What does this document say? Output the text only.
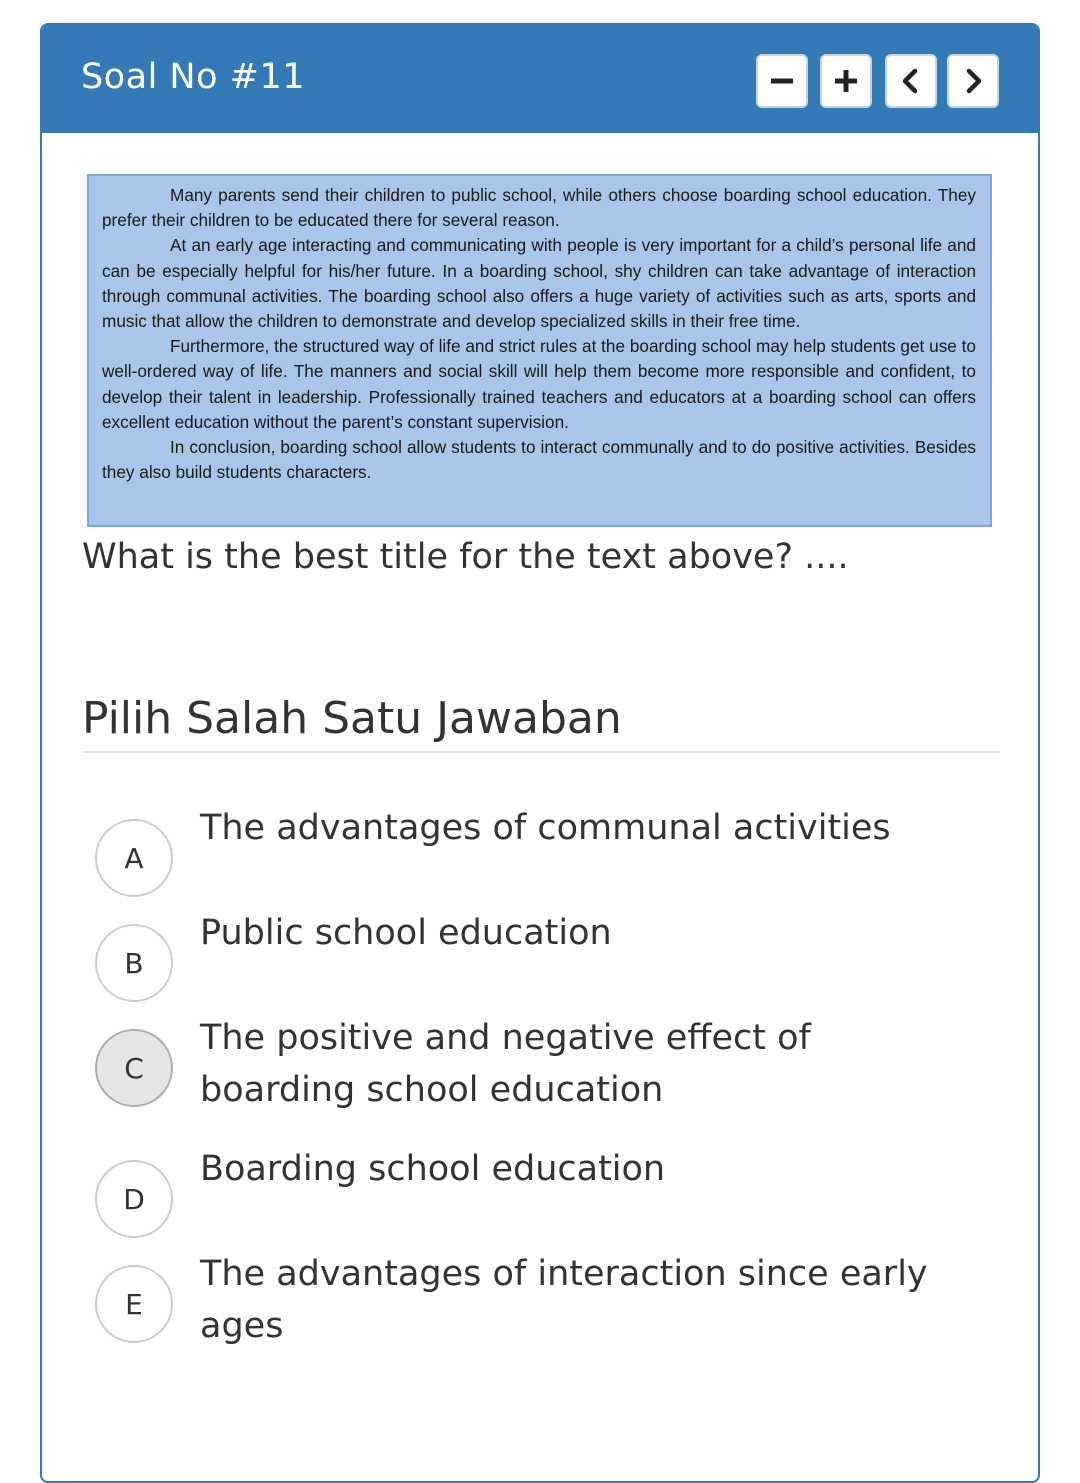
Soal No #11

Many parents send their children to public school, while others choose boarding school education. They prefer their children to be educated there for several reason.

At an early age interacting and communicating with people is very important for a child’s personal life and can be especially helpful for his/her future. In a boarding school, shy children can take advantage of interaction through communal activities. The boarding school also offers a huge variety of activities such as arts, sports and music that allow the children to demonstrate and develop specialized skills in their free time.

Furthermore, the structured way of life and strict rules at the boarding school may help students get use to well-ordered way of life. The manners and social skill will help them become more responsible and confident, to develop their talent in leadership. Professionally trained teachers and educators at a boarding school can offers excellent education without the parent’s constant supervision.

In conclusion, boarding school allow students to interact communally and to do positive activities. Besides they also build students characters.

What is the best title for the text above? ....
Pilih Salah Satu Jawaban
A
The advantages of communal activities
B
Public school education
C
The positive and negative effect of boarding school education
D
Boarding school education
E
The advantages of interaction since early ages
